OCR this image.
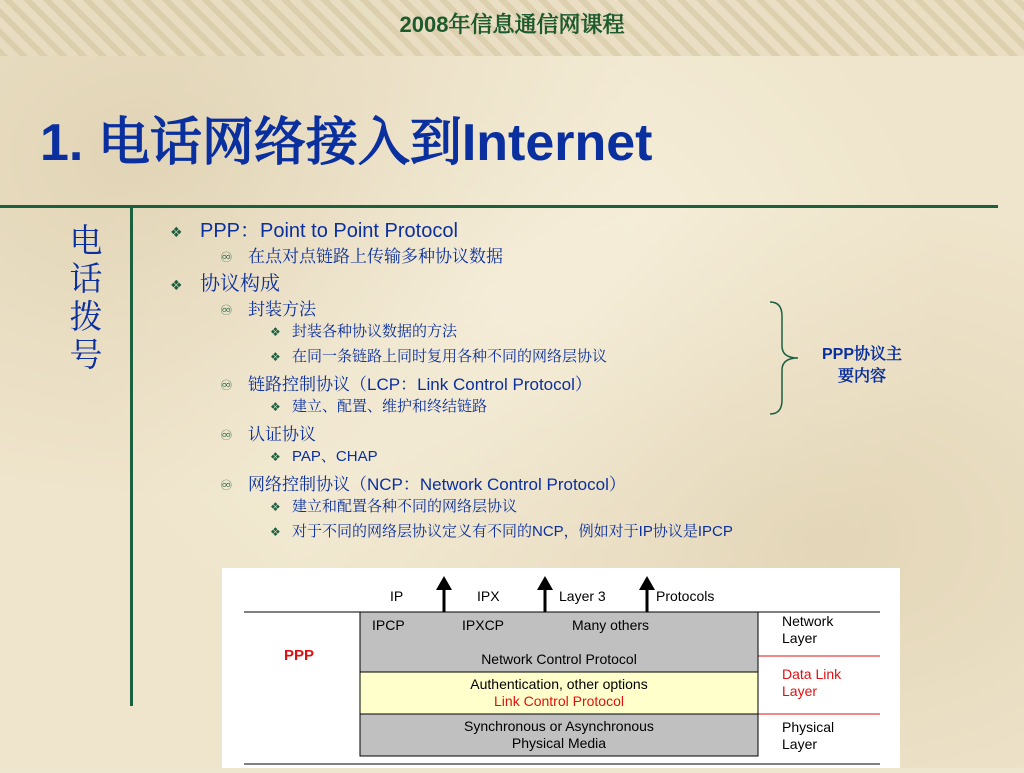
2008年信息通信网课程
1. 电话网络接入到Internet
电话拨号
❖ PPP：Point to Point Protocol
♾ 在点对点链路上传输多种协议数据
❖ 协议构成
♾ 封装方法
❖ 封装各种协议数据的方法
❖ 在同一条链路上同时复用各种不同的网络层协议
♾ 链路控制协议（LCP：Link Control Protocol）
❖ 建立、配置、维护和终结链路
♾ 认证协议
❖ PAP、CHAP
♾ 网络控制协议（NCP：Network Control Protocol）
❖ 建立和配置各种不同的网络层协议
❖ 对于不同的网络层协议定义有不同的NCP，例如对于IP协议是IPCP
PPP协议主
要内容
IP	IPX	Layer 3	Protocols
IPCP	IPXCP	Many others
Network Control Protocol
Authentication, other options
Link Control Protocol
Synchronous or Asynchronous
Physical Media
PPP
Network
Layer
Data Link
Layer
Physical
Layer
